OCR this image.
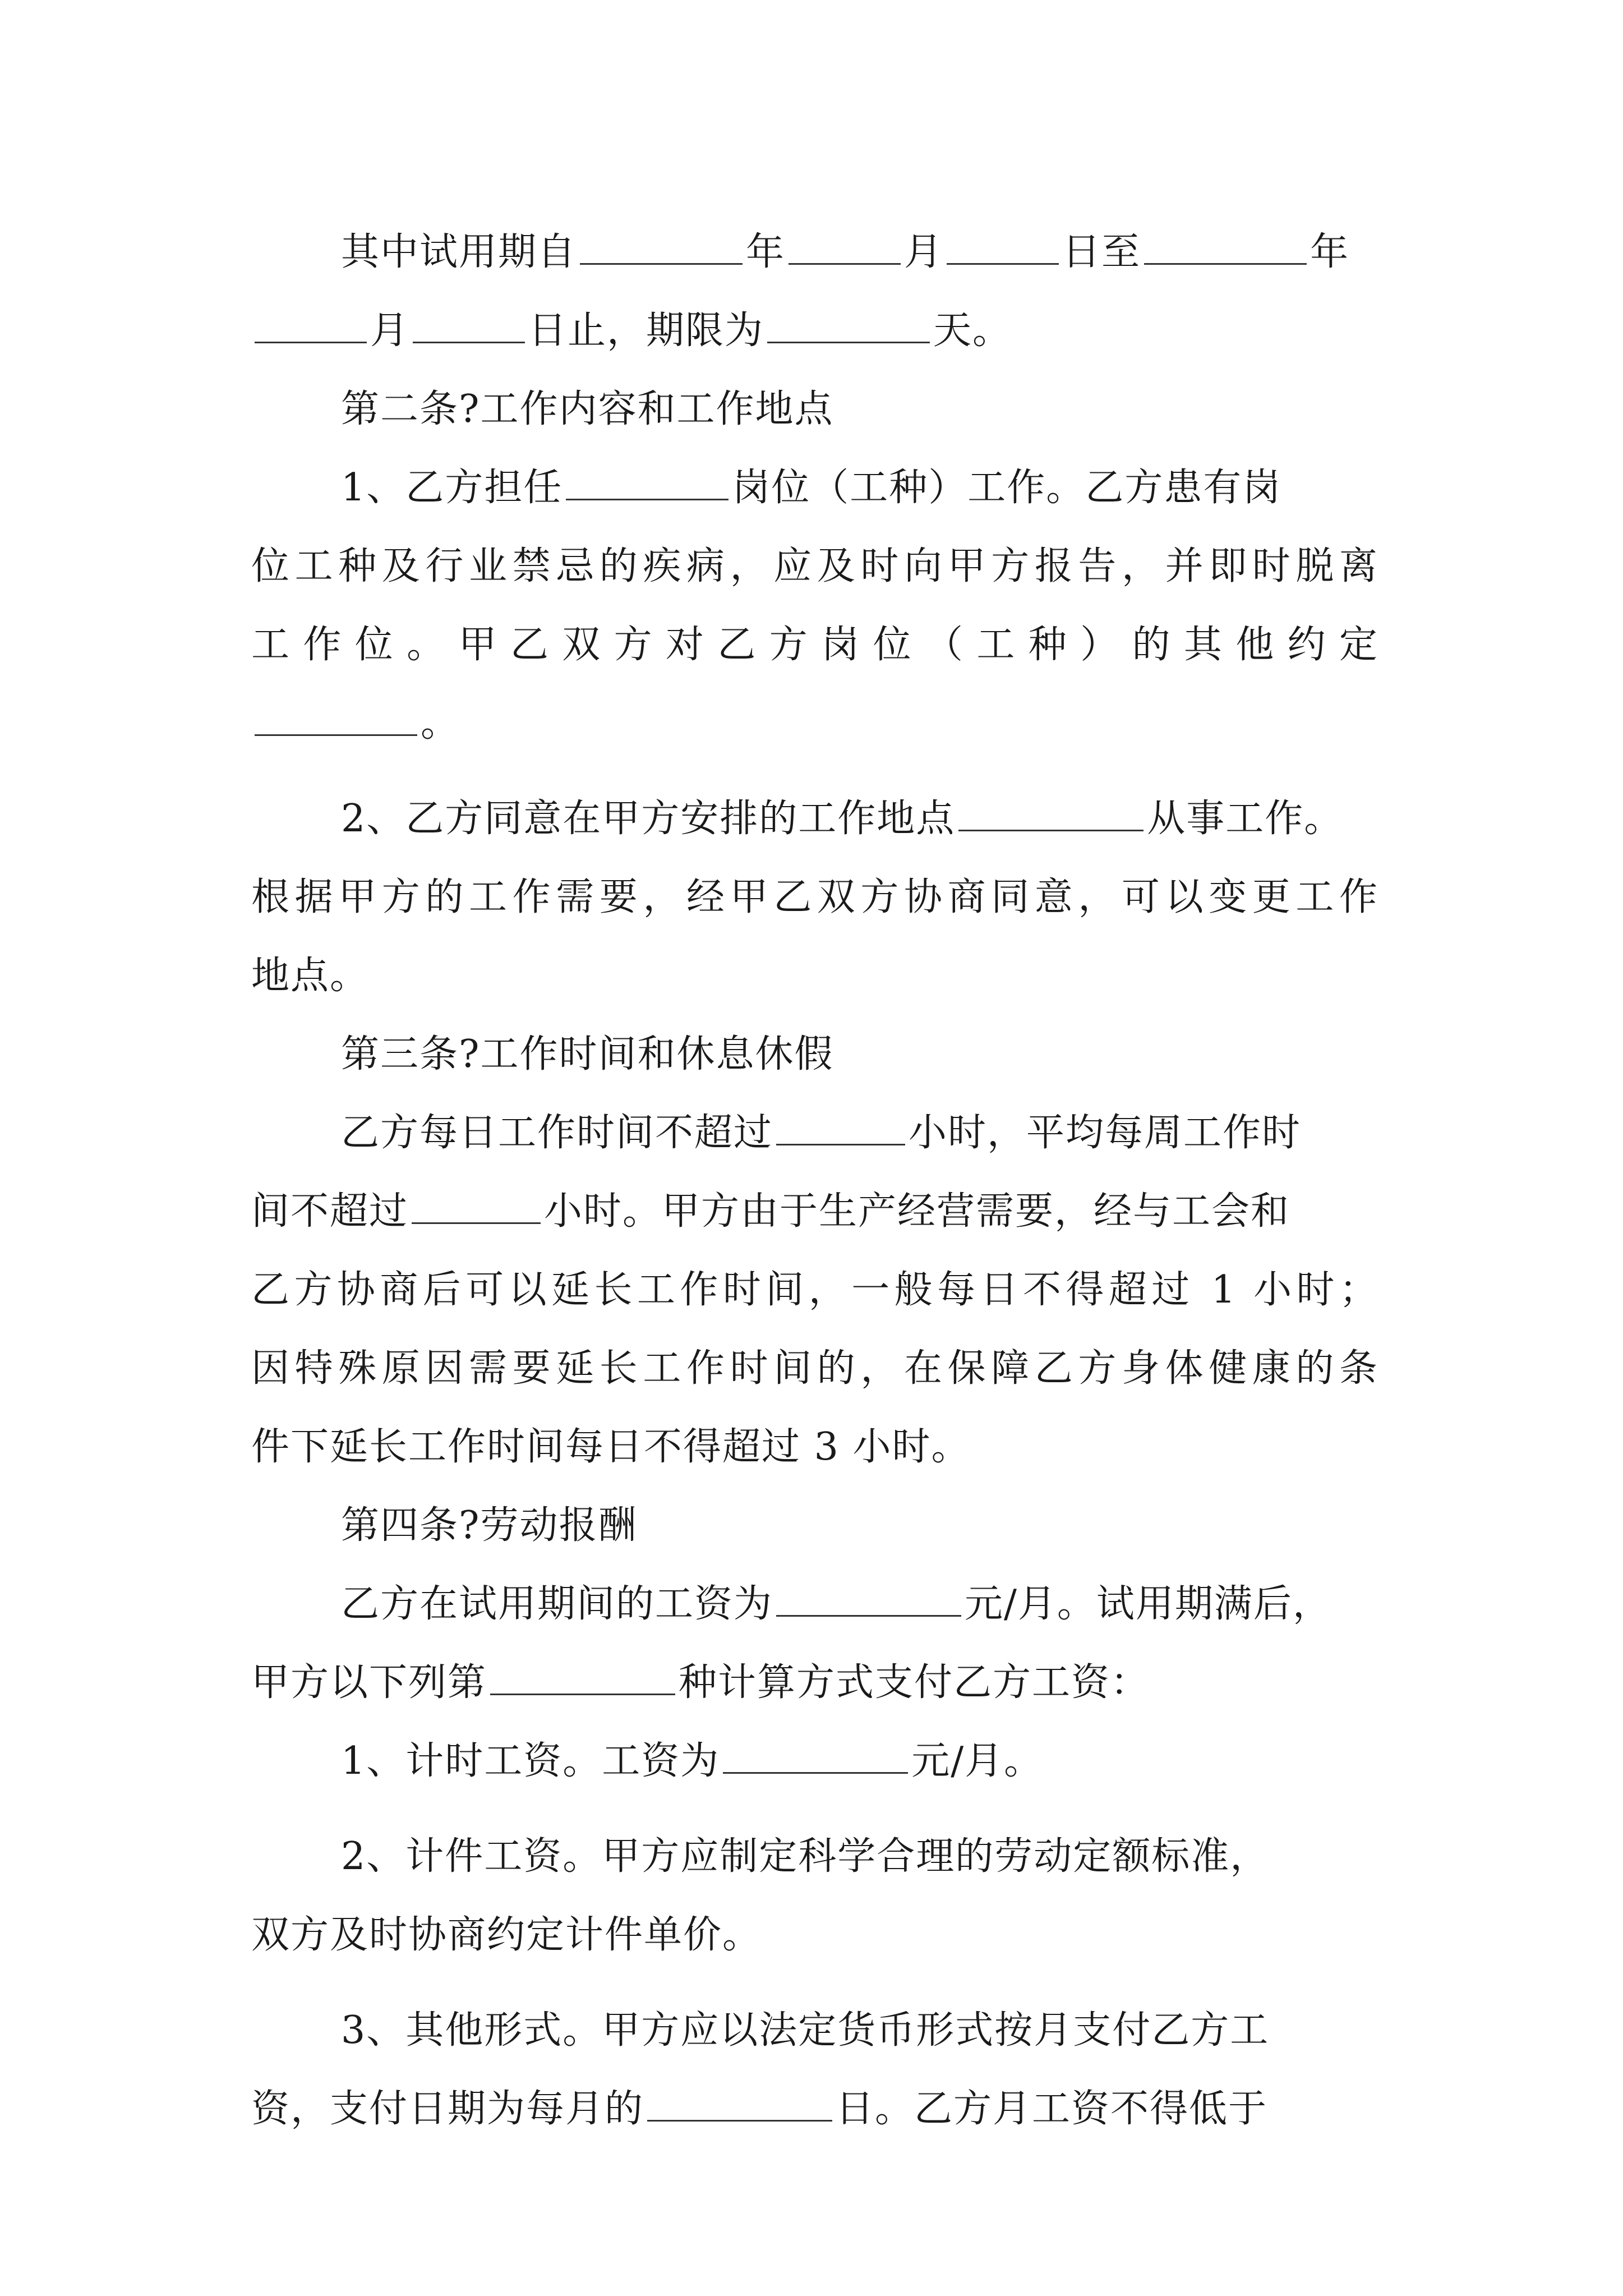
其中试用期自	年	月	日至	年
月	日止，期限为	天。
第二条?工作内容和工作地点
1、乙方担任	岗位（工种）工作。乙方患有岗
位工种及行业禁忌的疾病，应及时向甲方报告，并即时脱离
工作位。甲乙双方对乙方岗位（工种）的其他约定
。
2、乙方同意在甲方安排的工作地点	从事工作。
根据甲方的工作需要，经甲乙双方协商同意，可以变更工作
地点。
第三条?工作时间和休息休假
乙方每日工作时间不超过	小时，平均每周工作时
间不超过	小时。甲方由于生产经营需要，经与工会和
乙方协商后可以延长工作时间，一般每日不得超过 1 小时；
因特殊原因需要延长工作时间的，在保障乙方身体健康的条
件下延长工作时间每日不得超过 3 小时。
第四条?劳动报酬
乙方在试用期间的工资为	元/月。试用期满后，
甲方以下列第	种计算方式支付乙方工资：
1、计时工资。工资为	元/月。
2、计件工资。甲方应制定科学合理的劳动定额标准，
双方及时协商约定计件单价。
3、其他形式。甲方应以法定货币形式按月支付乙方工
资，支付日期为每月的	日。乙方月工资不得低于
